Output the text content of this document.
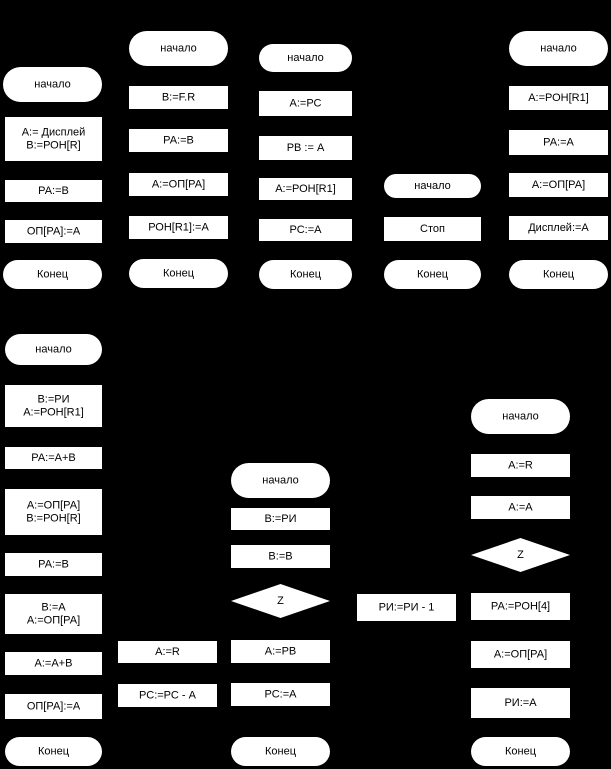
начало
A:= Дисплей
B:=РОН[R]
РА:=В
ОП[РА]:=А
Конец
начало
B:=F.R
РА:=В
А:=ОП[РА]
РОН[R1]:=А
Конец
начало
А:=РС
РВ := А
А:=РОН[R1]
РС:=А
Конец
начало
Стоп
Конец
начало
А:=РОН[R1]
РА:=А
А:=ОП[РА]
Дисплей:=А
Конец
начало
В:=РИ
А:=РОН[R1]
РА:=А+В
А:=ОП[РА]
В:=РОН[R]
РА:=В
В:=А
А:=ОП[РА]
А:=А+В
ОП[РА]:=А
Конец
начало
В:=РИ
В:=В
Z
А:=РВ
РС:=А
Конец
А:=R
РС:=РС - А
РИ:=РИ - 1
начало
А:=R
А:=А
Z
РА:=РОН[4]
А:=ОП[РА]
РИ:=А
Конец
